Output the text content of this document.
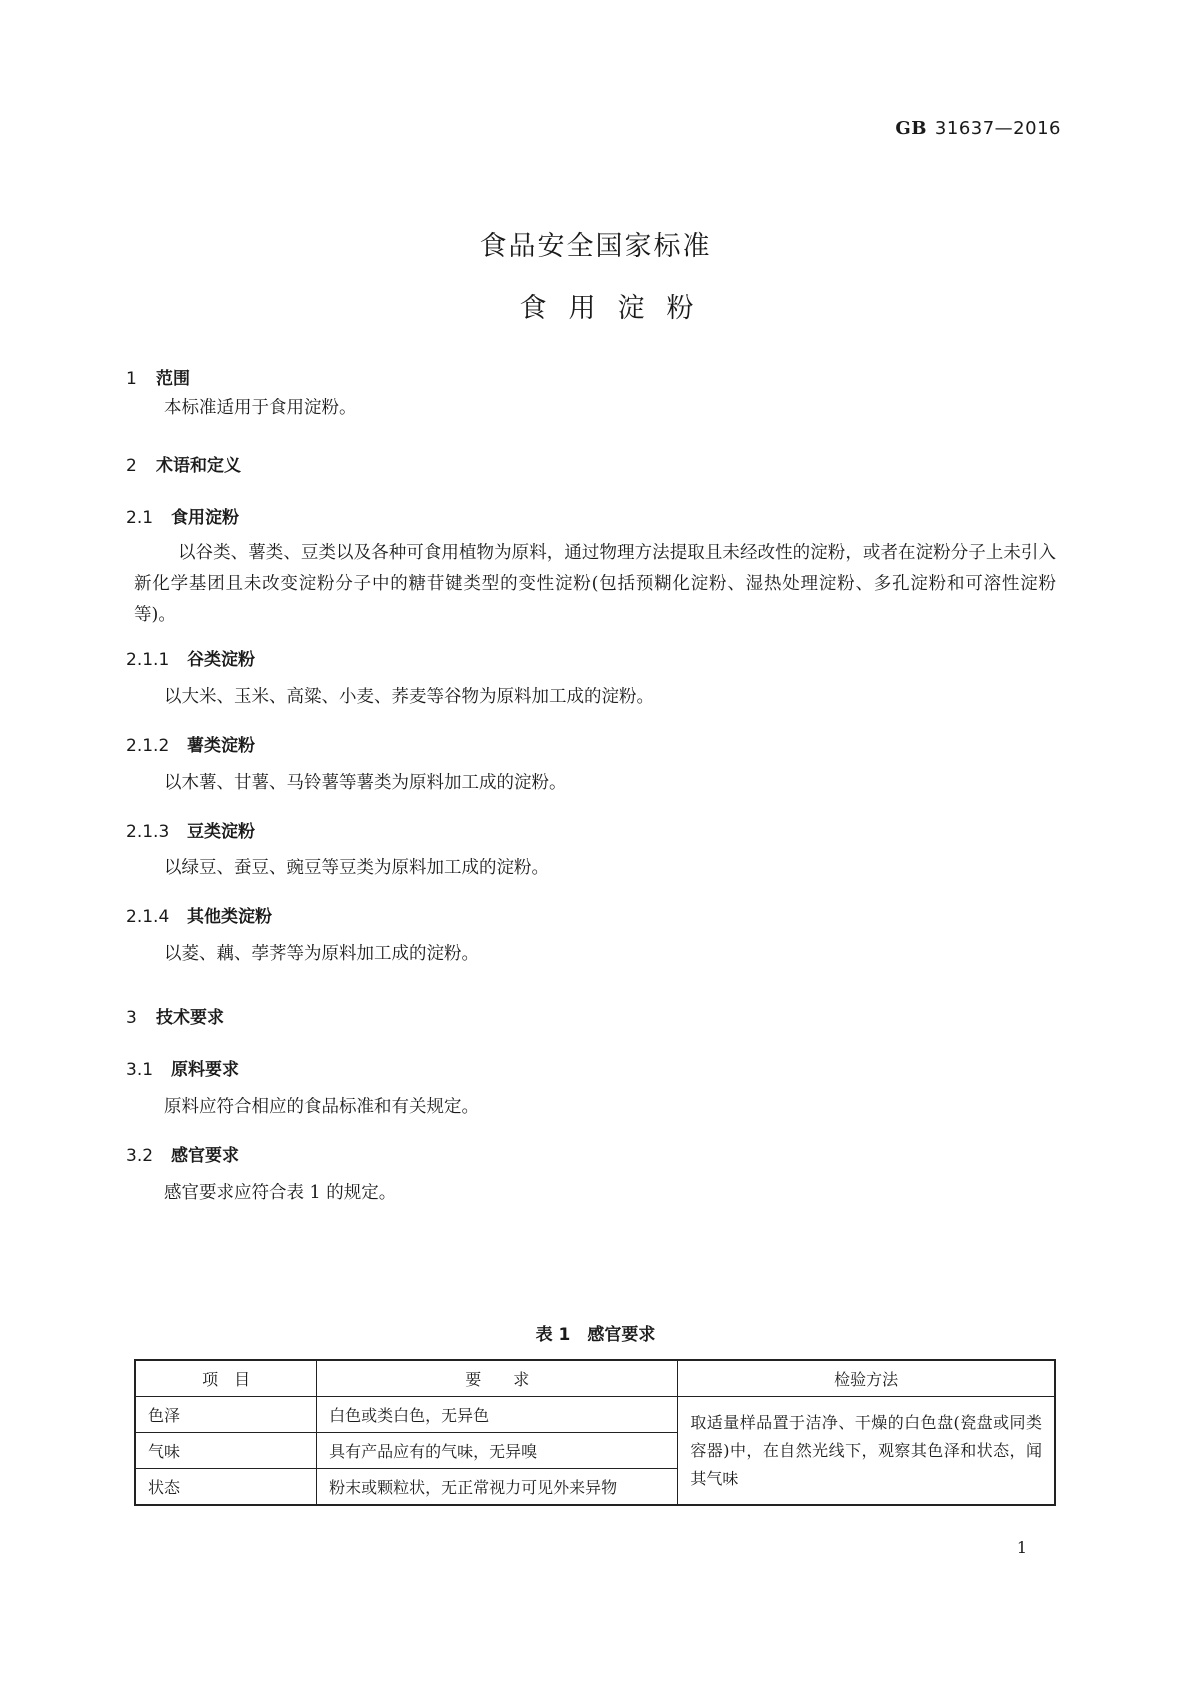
GB 31637—2016
食品安全国家标准
食用淀粉
1 范围
本标准适用于食用淀粉。
2 术语和定义
2.1 食用淀粉
以谷类、薯类、豆类以及各种可食用植物为原料，通过物理方法提取且未经改性的淀粉，或者在淀粉分子上未引入新化学基团且未改变淀粉分子中的糖苷键类型的变性淀粉(包括预糊化淀粉、湿热处理淀粉、多孔淀粉和可溶性淀粉等)。
2.1.1 谷类淀粉
以大米、玉米、高粱、小麦、荞麦等谷物为原料加工成的淀粉。
2.1.2 薯类淀粉
以木薯、甘薯、马铃薯等薯类为原料加工成的淀粉。
2.1.3 豆类淀粉
以绿豆、蚕豆、豌豆等豆类为原料加工成的淀粉。
2.1.4 其他类淀粉
以菱、藕、荸荠等为原料加工成的淀粉。
3 技术要求
3.1 原料要求
原料应符合相应的食品标准和有关规定。
3.2 感官要求
感官要求应符合表 1 的规定。
表 1　感官要求
项　目	要　　求	检验方法
色泽	白色或类白色，无异色	取适量样品置于洁净、干燥的白色盘(瓷盘或同类容器)中，在自然光线下，观察其色泽和状态，闻其气味
气味	具有产品应有的气味，无异嗅	
状态	粉末或颗粒状，无正常视力可见外来异物	
1
